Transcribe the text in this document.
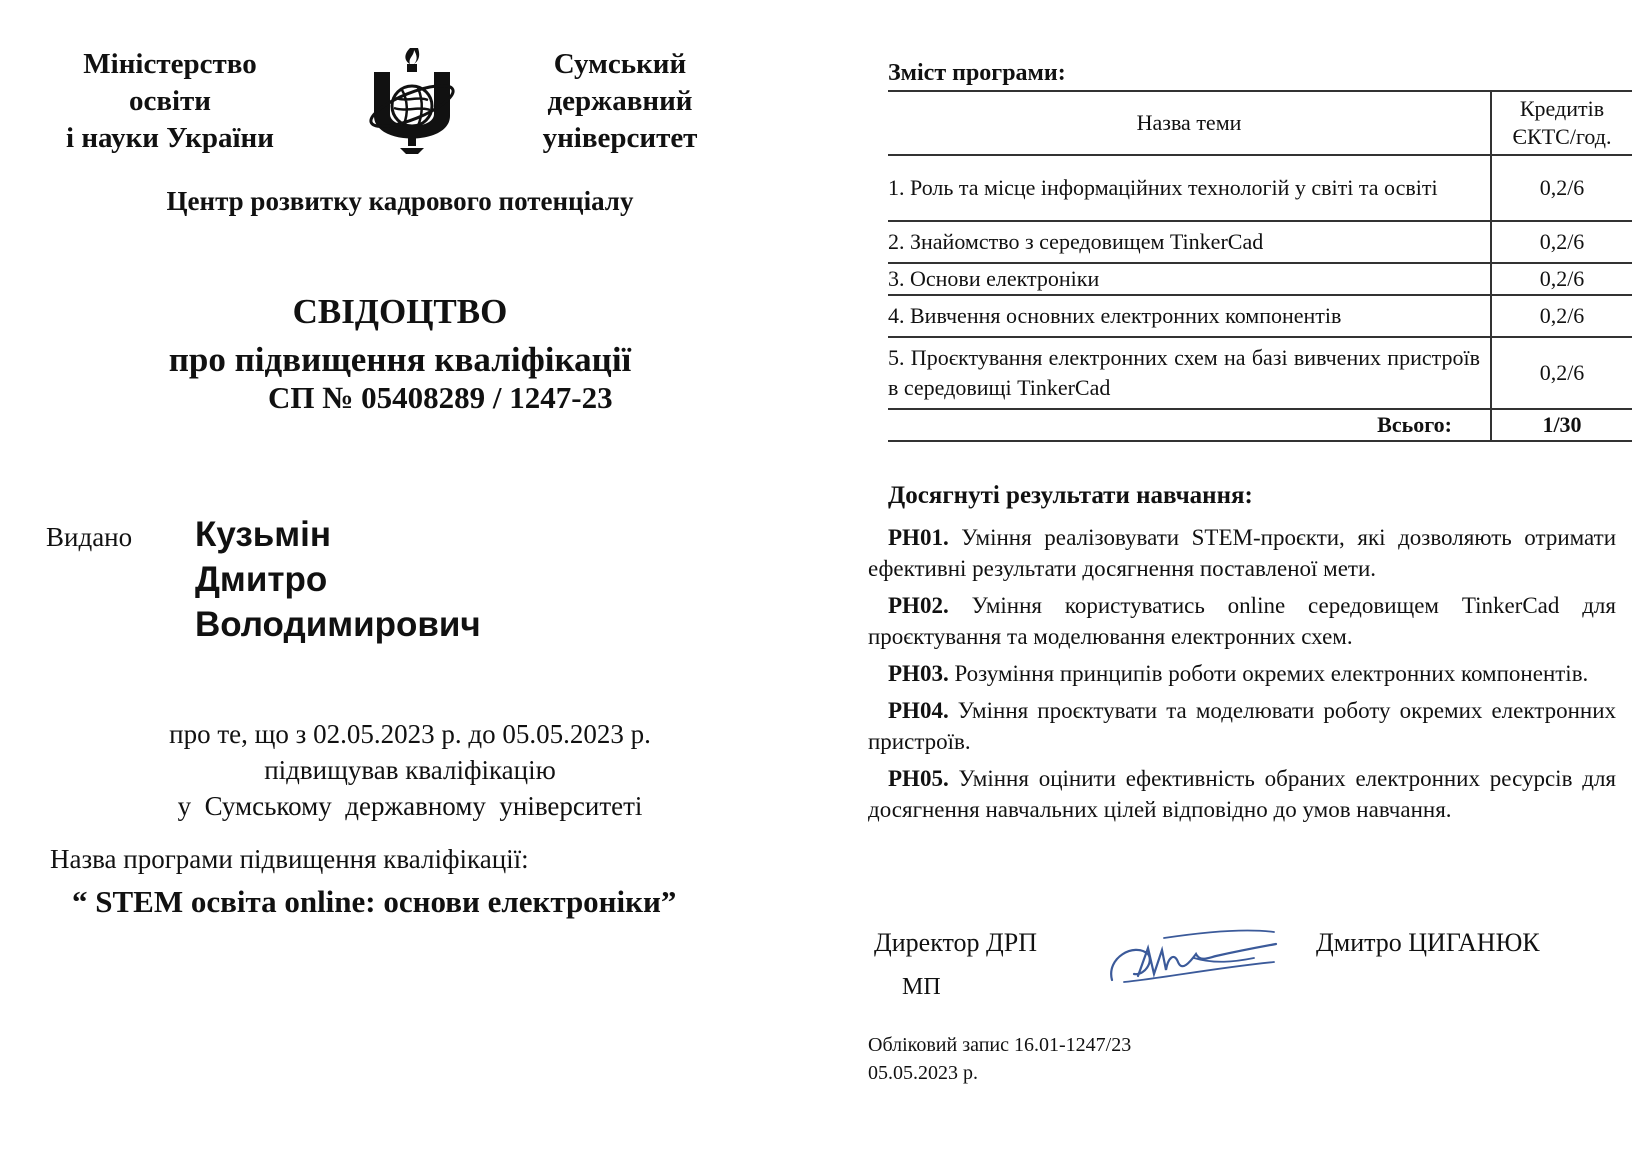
Міністерство
освіти
і науки України
Сумський
державний
університет
Центр розвитку кадрового потенціалу
СВІДОЦТВО
про підвищення кваліфікації
СП № 05408289 / 1247-23
Видано Кузьмін
Дмитро
Володимирович
про те, що з 02.05.2023 р. до 05.05.2023 р.
підвищував кваліфікацію
у  Сумському  державному  університеті
Назва програми підвищення кваліфікації:
“ STEM освіта online: основи електроніки”
Зміст програми:
Назва теми	Кредитів
ЄКТС/год.

1. Роль та місце інформаційних технологій у світі та освіті	0,2/6
2. Знайомство з середовищем TinkerCad	0,2/6
3. Основи електроніки	0,2/6
4. Вивчення основних електронних компонентів	0,2/6
5. Проєктування електронних схем на базі вивчених пристроїв в середовищі TinkerCad	0,2/6
Всього:	1/30
Досягнуті результати навчання:

РН01. Уміння реалізовувати STEM-проєкти, які дозволяють отримати ефективні результати досягнення поставленої мети.

РН02. Уміння користуватись online середовищем TinkerCad для проєктування та моделювання електронних схем.

РН03. Розуміння принципів роботи окремих електронних компонентів.

РН04. Уміння проєктувати та моделювати роботу окремих електронних пристроїв.

РН05. Уміння оцінити ефективність обраних електронних ресурсів для досягнення навчальних цілей відповідно до умов навчання.

Директор ДРП
МП
Дмитро ЦИГАНЮК
Обліковий запис 16.01-1247/23
05.05.2023 р.
